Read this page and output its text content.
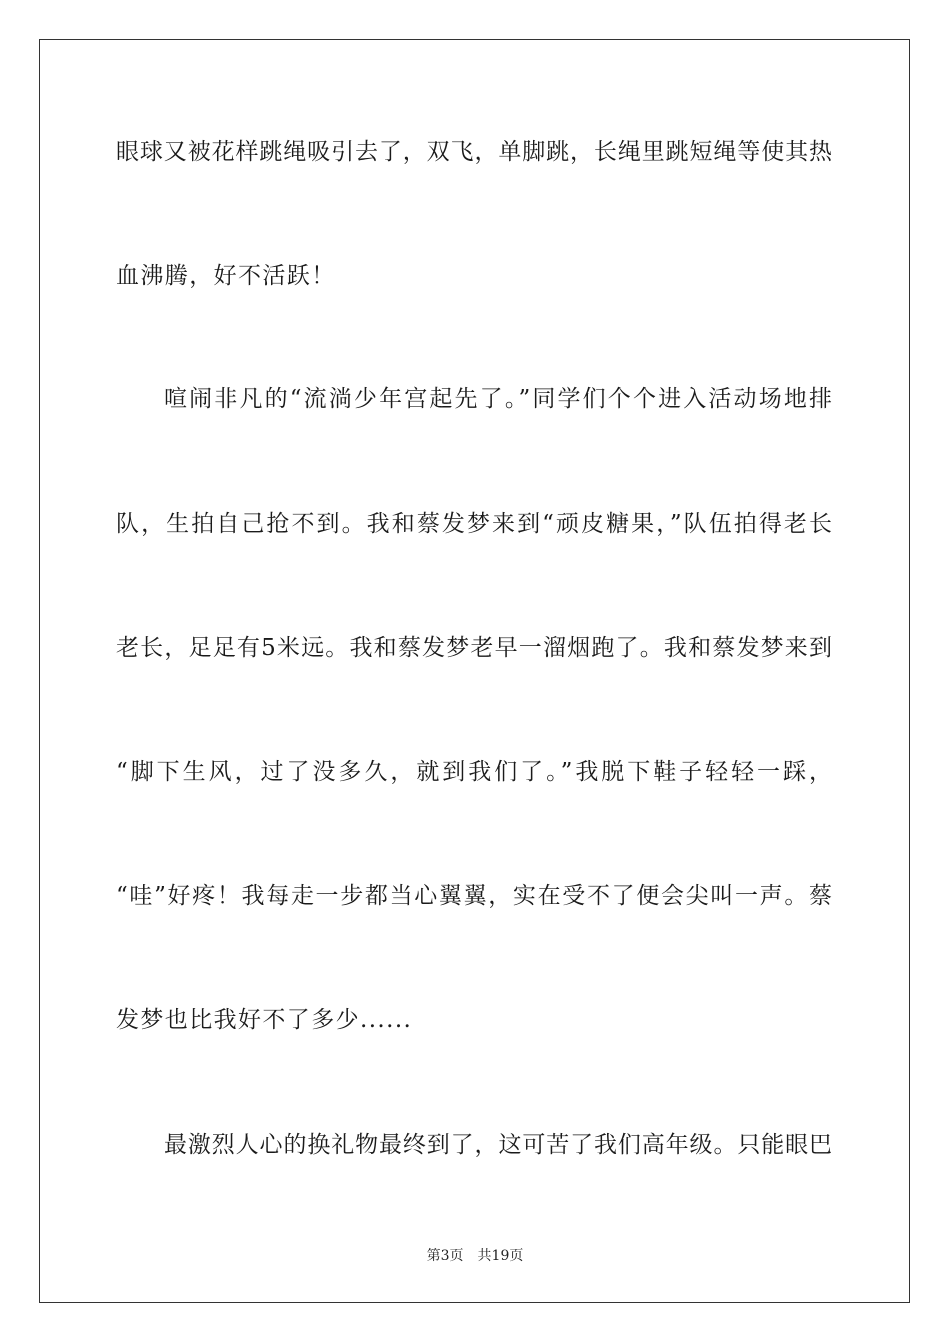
眼球又被花样跳绳吸引去了，双飞，单脚跳，长绳里跳短绳等使其热
血沸腾，好不活跃！
喧闹非凡的“流淌少年宫起先了。”同学们个个进入活动场地排
队，生拍自己抢不到。我和蔡发梦来到“顽皮糖果，”队伍拍得老长
老长，足足有5米远。我和蔡发梦老早一溜烟跑了。我和蔡发梦来到
“脚下生风，过了没多久，就到我们了。”我脱下鞋子轻轻一踩，
“哇”好疼！我每走一步都当心翼翼，实在受不了便会尖叫一声。蔡
发梦也比我好不了多少......
最激烈人心的换礼物最终到了，这可苦了我们高年级。只能眼巴
第3页 共19页
